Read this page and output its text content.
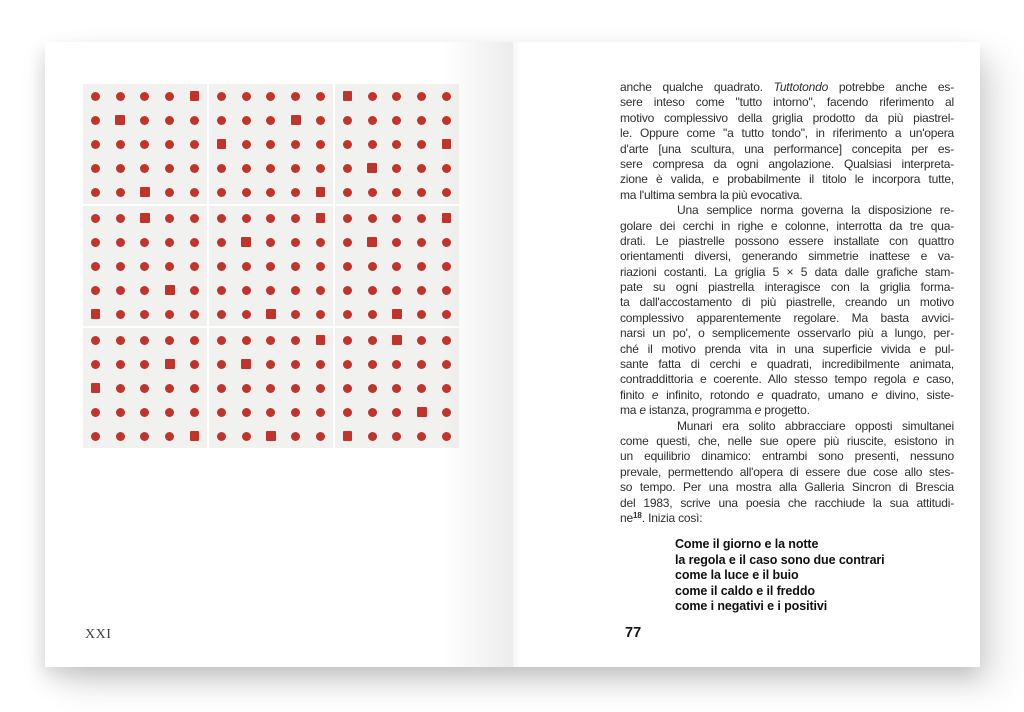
XXI
anche qualche quadrato. Tuttotondo potrebbe anche es-
sere inteso come "tutto intorno", facendo riferimento al
motivo complessivo della griglia prodotto da più piastrel-
le. Oppure come "a tutto tondo", in riferimento a un'opera
d'arte [una scultura, una performance] concepita per es-
sere compresa da ogni angolazione. Qualsiasi interpreta-
zione è valida, e probabilmente il titolo le incorpora tutte,
ma l'ultima sembra la più evocativa.
Una semplice norma governa la disposizione re-
golare dei cerchi in righe e colonne, interrotta da tre qua-
drati. Le piastrelle possono essere installate con quattro
orientamenti diversi, generando simmetrie inattese e va-
riazioni costanti. La griglia 5 × 5 data dalle grafiche stam-
pate su ogni piastrella interagisce con la griglia forma-
ta dall'accostamento di più piastrelle, creando un motivo
complessivo apparentemente regolare. Ma basta avvici-
narsi un po', o semplicemente osservarlo più a lungo, per-
ché il motivo prenda vita in una superficie vivida e pul-
sante fatta di cerchi e quadrati, incredibilmente animata,
contraddittoria e coerente. Allo stesso tempo regola e caso,
finito e infinito, rotondo e quadrato, umano e divino, siste-
ma e istanza, programma e progetto.
Munari era solito abbracciare opposti simultanei
come questi, che, nelle sue opere più riuscite, esistono in
un equilibrio dinamico: entrambi sono presenti, nessuno
prevale, permettendo all'opera di essere due cose allo stes-
so tempo. Per una mostra alla Galleria Sincron di Brescia
del 1983, scrive una poesia che racchiude la sua attitudi-
$ne^{18}$. Inizia così:
Come il giorno e la notte
la regola e il caso sono due contrari
come la luce e il buio
come il caldo e il freddo
come i negativi e i positivi
77
